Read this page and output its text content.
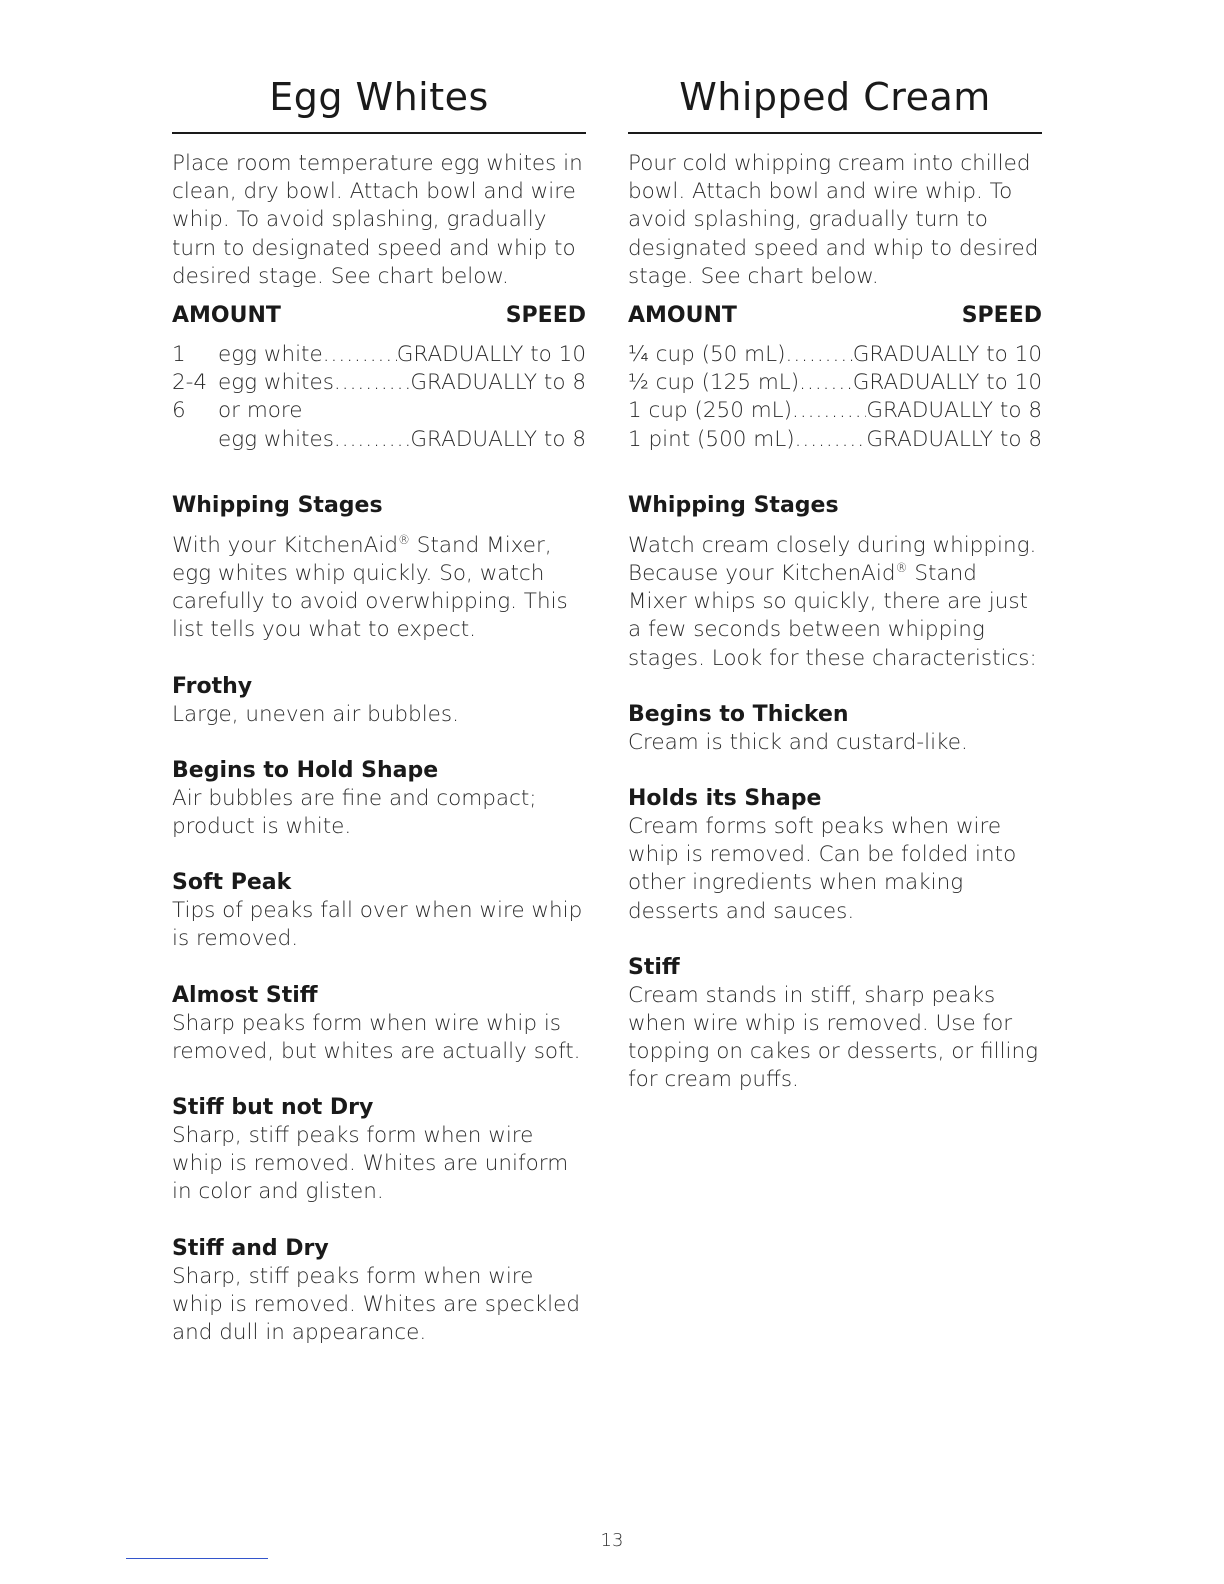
Egg Whites

Place room temperature egg whites in clean, dry bowl. Attach bowl and wire whip. To avoid splashing, gradually turn to designated speed and whip to desired stage. See chart below.

AMOUNT	SPEED
1 egg white .....	GRADUALLY to 10
2-4 egg whites .....	GRADUALLY to 8
6 or more
egg whites .....	GRADUALLY to 8
Whipping Stages

With your KitchenAid® Stand Mixer, egg whites whip quickly. So, watch carefully to avoid overwhipping. This list tells you what to expect.

Frothy

Large, uneven air bubbles.

Begins to Hold Shape

Air bubbles are fine and compact; product is white.

Soft Peak

Tips of peaks fall over when wire whip is removed.

Almost Stiff

Sharp peaks form when wire whip is removed, but whites are actually soft.

Stiff but not Dry

Sharp, stiff peaks form when wire whip is removed. Whites are uniform in color and glisten.

Stiff and Dry

Sharp, stiff peaks form when wire whip is removed. Whites are speckled and dull in appearance.

Whipped Cream

Pour cold whipping cream into chilled bowl. Attach bowl and wire whip. To avoid splashing, gradually turn to designated speed and whip to desired stage. See chart below.

AMOUNT	SPEED
¼ cup (50 mL) .....	GRADUALLY to 10
½ cup (125 mL) ..... GRADUALLY to 10
1 cup (250 mL) .....	GRADUALLY to 8
1 pint (500 mL) .....	GRADUALLY to 8
Whipping Stages

Watch cream closely during whipping. Because your KitchenAid® Stand Mixer whips so quickly, there are just a few seconds between whipping stages. Look for these characteristics:

Begins to Thicken

Cream is thick and custard-like.

Holds its Shape

Cream forms soft peaks when wire whip is removed. Can be folded into other ingredients when making desserts and sauces.

Stiff

Cream stands in stiff, sharp peaks when wire whip is removed. Use for topping on cakes or desserts, or filling for cream puffs.

13
